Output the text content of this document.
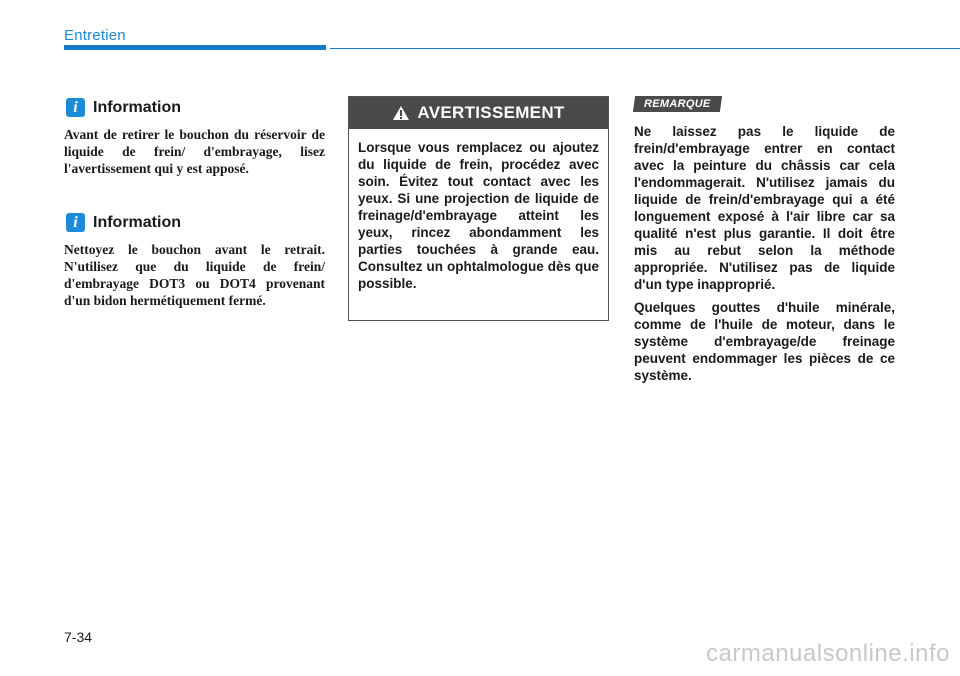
Entretien
i Information
Avant de retirer le bouchon du réservoir de liquide de frein/ d'embrayage, lisez l'avertissement qui y est apposé.
i Information
Nettoyez le bouchon avant le retrait. N'utilisez que du liquide de frein/ d'embrayage DOT3 ou DOT4 provenant d'un bidon hermétiquement fermé.
AVERTISSEMENT
Lorsque vous remplacez ou ajoutez du liquide de frein, procédez avec soin. Évitez tout contact avec les yeux. Si une projection de liquide de freinage/d'embrayage atteint les yeux, rincez abondamment les parties touchées à grande eau. Consultez un ophtalmologue dès que possible.
REMARQUE

Ne laissez pas le liquide de frein/d'embrayage entrer en contact avec la peinture du châssis car cela l'endommagerait. N'utilisez jamais du liquide de frein/d'embrayage qui a été longuement exposé à l'air libre car sa qualité n'est plus garantie. Il doit être mis au rebut selon la méthode appropriée. N'utilisez pas de liquide d'un type inapproprié.

Quelques gouttes d'huile minérale, comme de l'huile de moteur, dans le système d'embrayage/de freinage peuvent endommager les pièces de ce système.

7-34
carmanualsonline.info
